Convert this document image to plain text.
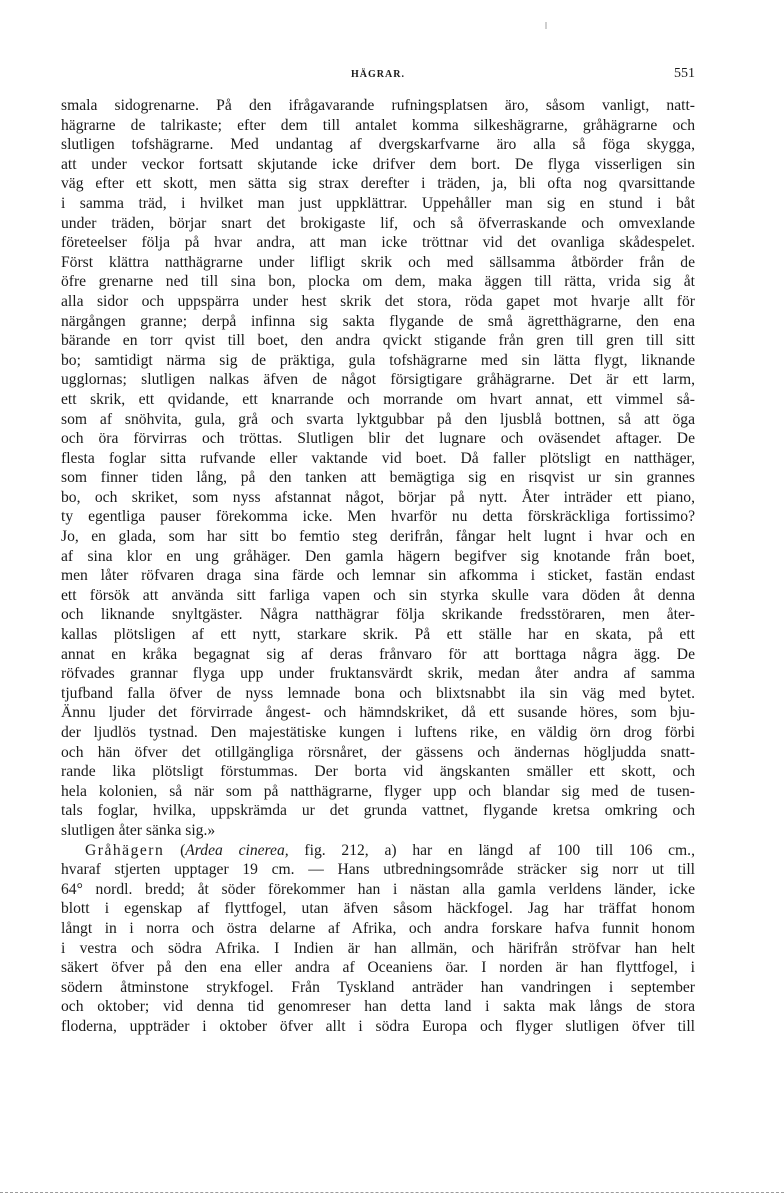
HÄGRAR.	551
smala sidogrenarne. På den ifrågavarande rufningsplatsen äro, såsom vanligt, natt-
hägrarne de talrikaste; efter dem till antalet komma silkeshägrarne, gråhägrarne och
slutligen tofshägrarne. Med undantag af dvergskarfvarne äro alla så föga skygga,
att under veckor fortsatt skjutande icke drifver dem bort. De flyga visserligen sin
väg efter ett skott, men sätta sig strax derefter i träden, ja, bli ofta nog qvarsittande
i samma träd, i hvilket man just uppklättrar. Uppehåller man sig en stund i båt
under träden, börjar snart det brokigaste lif, och så öfverraskande och omvexlande
företeelser följa på hvar andra, att man icke tröttnar vid det ovanliga skådespelet.
Först klättra natthägrarne under lifligt skrik och med sällsamma åtbörder från de
öfre grenarne ned till sina bon, plocka om dem, maka äggen till rätta, vrida sig åt
alla sidor och uppspärra under hest skrik det stora, röda gapet mot hvarje allt för
närgången granne; derpå infinna sig sakta flygande de små ägretthägrarne, den ena
bärande en torr qvist till boet, den andra qvickt stigande från gren till gren till sitt
bo; samtidigt närma sig de präktiga, gula tofshägrarne med sin lätta flygt, liknande
ugglornas; slutligen nalkas äfven de något försigtigare gråhägrarne. Det är ett larm,
ett skrik, ett qvidande, ett knarrande och morrande om hvart annat, ett vimmel så-
som af snöhvita, gula, grå och svarta lyktgubbar på den ljusblå bottnen, så att öga
och öra förvirras och tröttas. Slutligen blir det lugnare och oväsendet aftager. De
flesta foglar sitta rufvande eller vaktande vid boet. Då faller plötsligt en natthäger,
som finner tiden lång, på den tanken att bemägtiga sig en risqvist ur sin grannes
bo, och skriket, som nyss afstannat något, börjar på nytt. Åter inträder ett piano,
ty egentliga pauser förekomma icke. Men hvarför nu detta förskräckliga fortissimo?
Jo, en glada, som har sitt bo femtio steg derifrån, fångar helt lugnt i hvar och en
af sina klor en ung gråhäger. Den gamla hägern begifver sig knotande från boet,
men låter röfvaren draga sina färde och lemnar sin afkomma i sticket, fastän endast
ett försök att använda sitt farliga vapen och sin styrka skulle vara döden åt denna
och liknande snyltgäster. Några natthägrar följa skrikande fredsstöraren, men åter-
kallas plötsligen af ett nytt, starkare skrik. På ett ställe har en skata, på ett
annat en kråka begagnat sig af deras frånvaro för att borttaga några ägg. De
röfvades grannar flyga upp under fruktansvärdt skrik, medan åter andra af samma
tjufband falla öfver de nyss lemnade bona och blixtsnabbt ila sin väg med bytet.
Ännu ljuder det förvirrade ångest- och hämndskriket, då ett susande höres, som bju-
der ljudlös tystnad. Den majestätiske kungen i luftens rike, en väldig örn drog förbi
och hän öfver det otillgängliga rörsnåret, der gässens och ändernas högljudda snatt-
rande lika plötsligt förstummas. Der borta vid ängskanten smäller ett skott, och
hela kolonien, så när som på natthägrarne, flyger upp och blandar sig med de tusen-
tals foglar, hvilka, uppskrämda ur det grunda vattnet, flygande kretsa omkring och
slutligen åter sänka sig.»
Gråhägern (Ardea cinerea, fig. 212, a) har en längd af 100 till 106 cm.,
hvaraf stjerten upptager 19 cm. — Hans utbredningsområde sträcker sig norr ut till
64° nordl. bredd; åt söder förekommer han i nästan alla gamla verldens länder, icke
blott i egenskap af flyttfogel, utan äfven såsom häckfogel. Jag har träffat honom
långt in i norra och östra delarne af Afrika, och andra forskare hafva funnit honom
i vestra och södra Afrika. I Indien är han allmän, och härifrån ströfvar han helt
säkert öfver på den ena eller andra af Oceaniens öar. I norden är han flyttfogel, i
södern åtminstone strykfogel. Från Tyskland anträder han vandringen i september
och oktober; vid denna tid genomreser han detta land i sakta mak långs de stora
floderna, uppträder i oktober öfver allt i södra Europa och flyger slutligen öfver till
